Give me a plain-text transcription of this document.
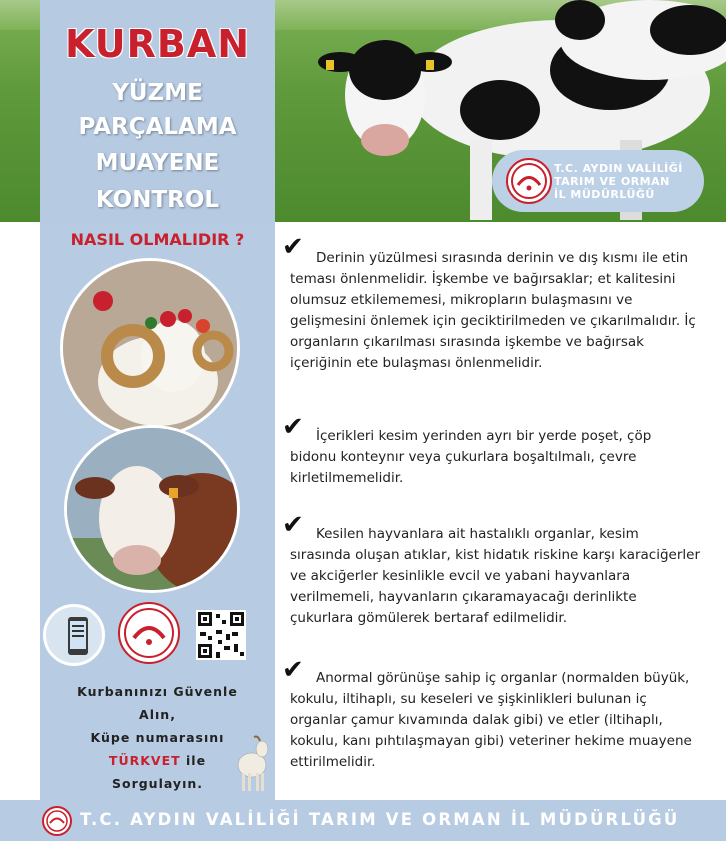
KURBAN
YÜZME
PARÇALAMA
MUAYENE
KONTROL
NASIL OLMALIDIR ?
Kurbanınızı Güvenle
Alın,
Küpe numarasını
TÜRKVET ile
Sorgulayın.
T.C. AYDIN VALİLİĞİ
TARIM VE ORMAN
İL MÜDÜRLÜĞÜ
✔ Derinin yüzülmesi sırasında derinin ve dış kısmı ile etin teması önlenmelidir. İşkembe ve bağırsaklar; et kalitesini olumsuz etkilememesi, mikropların bulaşmasını ve gelişmesini önlemek için geciktirilmeden ve çıkarılmalıdır. İç organların çıkarılması sırasında işkembe ve bağırsak içeriğinin ete bulaşması önlenmelidir.
✔ İçerikleri kesim yerinden ayrı bir yerde poşet, çöp bidonu konteynır veya çukurlara boşaltılmalı, çevre kirletilmemelidir.
✔ Kesilen hayvanlara ait hastalıklı organlar, kesim sırasında oluşan atıklar, kist hidatık riskine karşı karaciğerler ve akciğerler kesinlikle evcil ve yabani hayvanlara verilmemeli, hayvanların çıkaramayacağı derinlikte çukurlara gömülerek bertaraf edilmelidir.
✔ Anormal görünüşe sahip iç organlar (normalden büyük, kokulu, iltihaplı, su keseleri ve şişkinlikleri bulunan iç organlar çamur kıvamında dalak gibi) ve etler (iltihaplı, kokulu, kanı pıhtılaşmayan gibi) veteriner hekime muayene ettirilmelidir.
T.C. AYDIN VALİLİĞİ TARIM VE ORMAN İL MÜDÜRLÜĞÜ
